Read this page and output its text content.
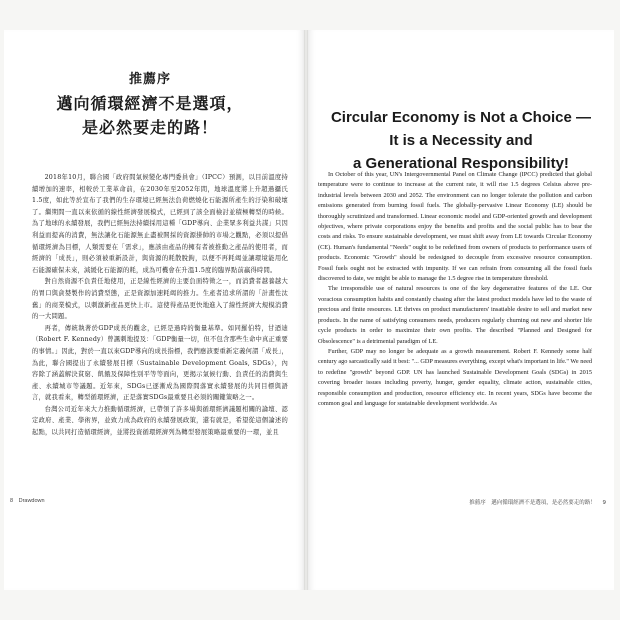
推薦序
邁向循環經濟不是選項，
是必然要走的路！

2018年10月，聯合國「政府間氣候變化專門委員會」（IPCC）預測，以目前溫度持續增加的速率，相較於工業革命前，在2030年至2052年間，地球溫度將上升超過攝氏1.5度，如此等於宣布了我們的生存環境已經無法負荷燃燒化石能源所產生的汙染和破壞了。繼期間一直以來依循的線性經濟發展模式，已經到了該全面檢討並積極轉型的時候。為了地球的永續發展，我們已經無法持續採用這種「GDP導向、企業眾多利益共謀」只因利益而提高的消費，無法讓化石能源無止盡被開採的資源掛帥的市場之觀點，必須以提倡循環經濟為目標，人類需要在「需求」，應該由產品的擁有者被推動之產品的使用者，而經濟的「成長」，則必須被重新設計，與資源的耗散脫鉤，以便不再耗竭並讓環境能用化石能源確保未來，減緩化石能源的耗，成為可機會在升溫1.5度的臨界點前贏得時間。

對自然資源不負責任地使用，正是線性經濟的主要負面特徵之一，而消費者越養越大的胃口與貪婪製作的消費型態，正是資源加速耗竭的推力。生產者追求所謂的「計畫性汰舊」的商業模式，以刺激新產品更快上市。這使得產品更快地進入了線性經濟大規模消費的一大問題。

再者，傳統執著於GDP成長的觀念，已經是過時的衡量基準。如同羅伯特，甘迺迪（Robert F. Kennedy）曾諷刺地提及：「GDP衡量一切，但不包含那些生命中真正重要的事情。」因此，對於一直以來GDP導向的成長指標，我們應該要重新定義何謂「成長」，為此，聯合國提出了永續發展目標（Sustainable Development Goals, SDGs），內容除了涵蓋解決貧窮、飢餓及保障性別平等等面向，更揭示氣候行動、負責任的消費與生產、永續城市等議題。近年來，SDGs已逐漸成為國際間落實永續發展的共同目標與語言，就我看來，轉型循環經濟，正是落實SDGs最重要且必須的關鍵策略之一。

台灣公司近年來大力推動循環經濟，已帶領了許多場與循環經濟議題相關的論壇、認定政府、產業、學術界，並致力成為政府的永續發展政策，還有就是，希望從這個論述的起點，以共同打造循環經濟，並將投資循環經濟列為轉型發展策略最重要的一環，並且

Circular Economy is Not a Choice —
It is a Necessity and
a Generational Responsibility!

In October of this year, UN's Intergovernmental Panel on Climate Change (IPCC) predicted that global temperature were to continue to increase at the current rate, it will rise 1.5 degrees Celsius above pre-industrial levels between 2030 and 2052. The environment can no longer tolerate the pollution and carbon emissions generated from burning fossil fuels. The globally-pervasive Linear Economy (LE) should be thoroughly scrutinized and transformed. Linear economic model and GDP-oriented growth and development objectives, where private corporations enjoy the benefits and profits and the social public has to bear the costs and risks. To ensure sustainable development, we must shift away from LE towards Circular Economy (CE). Human's fundamental "Needs" ought to be redefined from owners of products to performance users of products. Economic "Growth" should be redesigned to decouple from excessive resource consumption. Fossil fuels ought not be extracted with impunity. If we can refrain from consuming all the fossil fuels discovered to date, we might be able to manage the 1.5 degree rise in temperature threshold.

The irresponsible use of natural resources is one of the key degenerative features of the LE. Our voracious consumption habits and constantly chasing after the latest product models have led to the waste of precious and finite resources. LE thrives on product manufacturers' insatiable desire to sell and market new products. In the name of satisfying consumers needs, producers regularly churning out new and shorter life cycle products in order to maximize their own profits. The described "Planned and Designed for Obsolescence" is a detrimental paradigm of LE.

Further, GDP may no longer be adequate as a growth measurement. Robert F. Kennedy some half century ago sarcastically said it best: "... GDP measures everything, except what's important in life." We need to redefine "growth" beyond GDP. UN has launched Sustainable Development Goals (SDGs) in 2015 covering broader issues including poverty, hunger, gender equality, climate action, sustainable cities, responsible consumption and production, resource efficiency etc. In recent years, SDGs have become the common goal and language for sustainable development worldwide. As

8 Drawdown	推薦序　邁向循環經濟不是選項，是必然要走的路！ 9
